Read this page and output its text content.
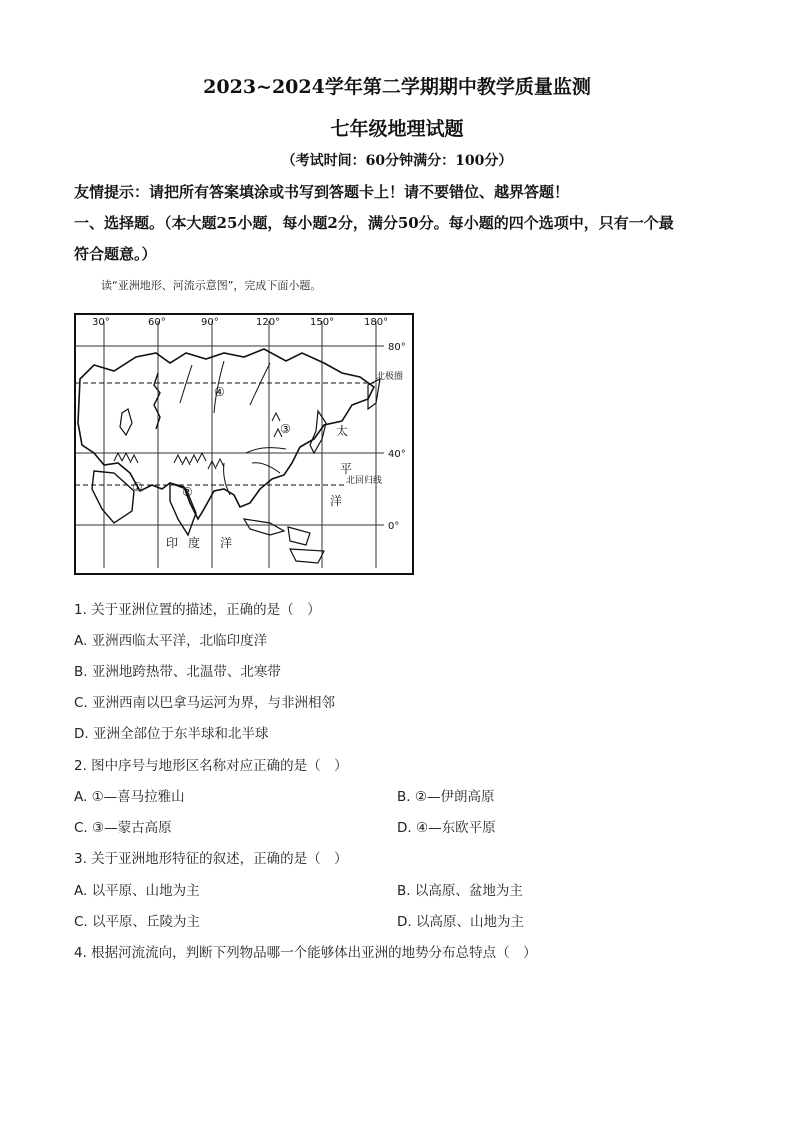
2023~2024学年第二学期期中教学质量监测
七年级地理试题
（考试时间：60分钟满分：100分）
友情提示：请把所有答案填涂或书写到答题卡上！请不要错位、越界答题！
一、选择题。（本大题25小题，每小题2分，满分50分。每小题的四个选项中，只有一个最
符合题意。）
读“亚洲地形、河流示意图”，完成下面小题。
30°	60°	90°	120°	150°	180°
80°
40°
0°
北极圈
北回归线
太
平
洋
印 度 洋
①	②
③
④
1. 关于亚洲位置的描述，正确的是（　）
A. 亚洲西临太平洋，北临印度洋
B. 亚洲地跨热带、北温带、北寒带
C. 亚洲西南以巴拿马运河为界，与非洲相邻
D. 亚洲全部位于东半球和北半球
2. 图中序号与地形区名称对应正确的是（　）
A. ①—喜马拉雅山	B. ②—伊朗高原
C. ③—蒙古高原	D. ④—东欧平原
3. 关于亚洲地形特征的叙述，正确的是（　）
A. 以平原、山地为主	B. 以高原、盆地为主
C. 以平原、丘陵为主	D. 以高原、山地为主
4. 根据河流流向，判断下列物品哪一个能够体出亚洲的地势分布总特点（　）
